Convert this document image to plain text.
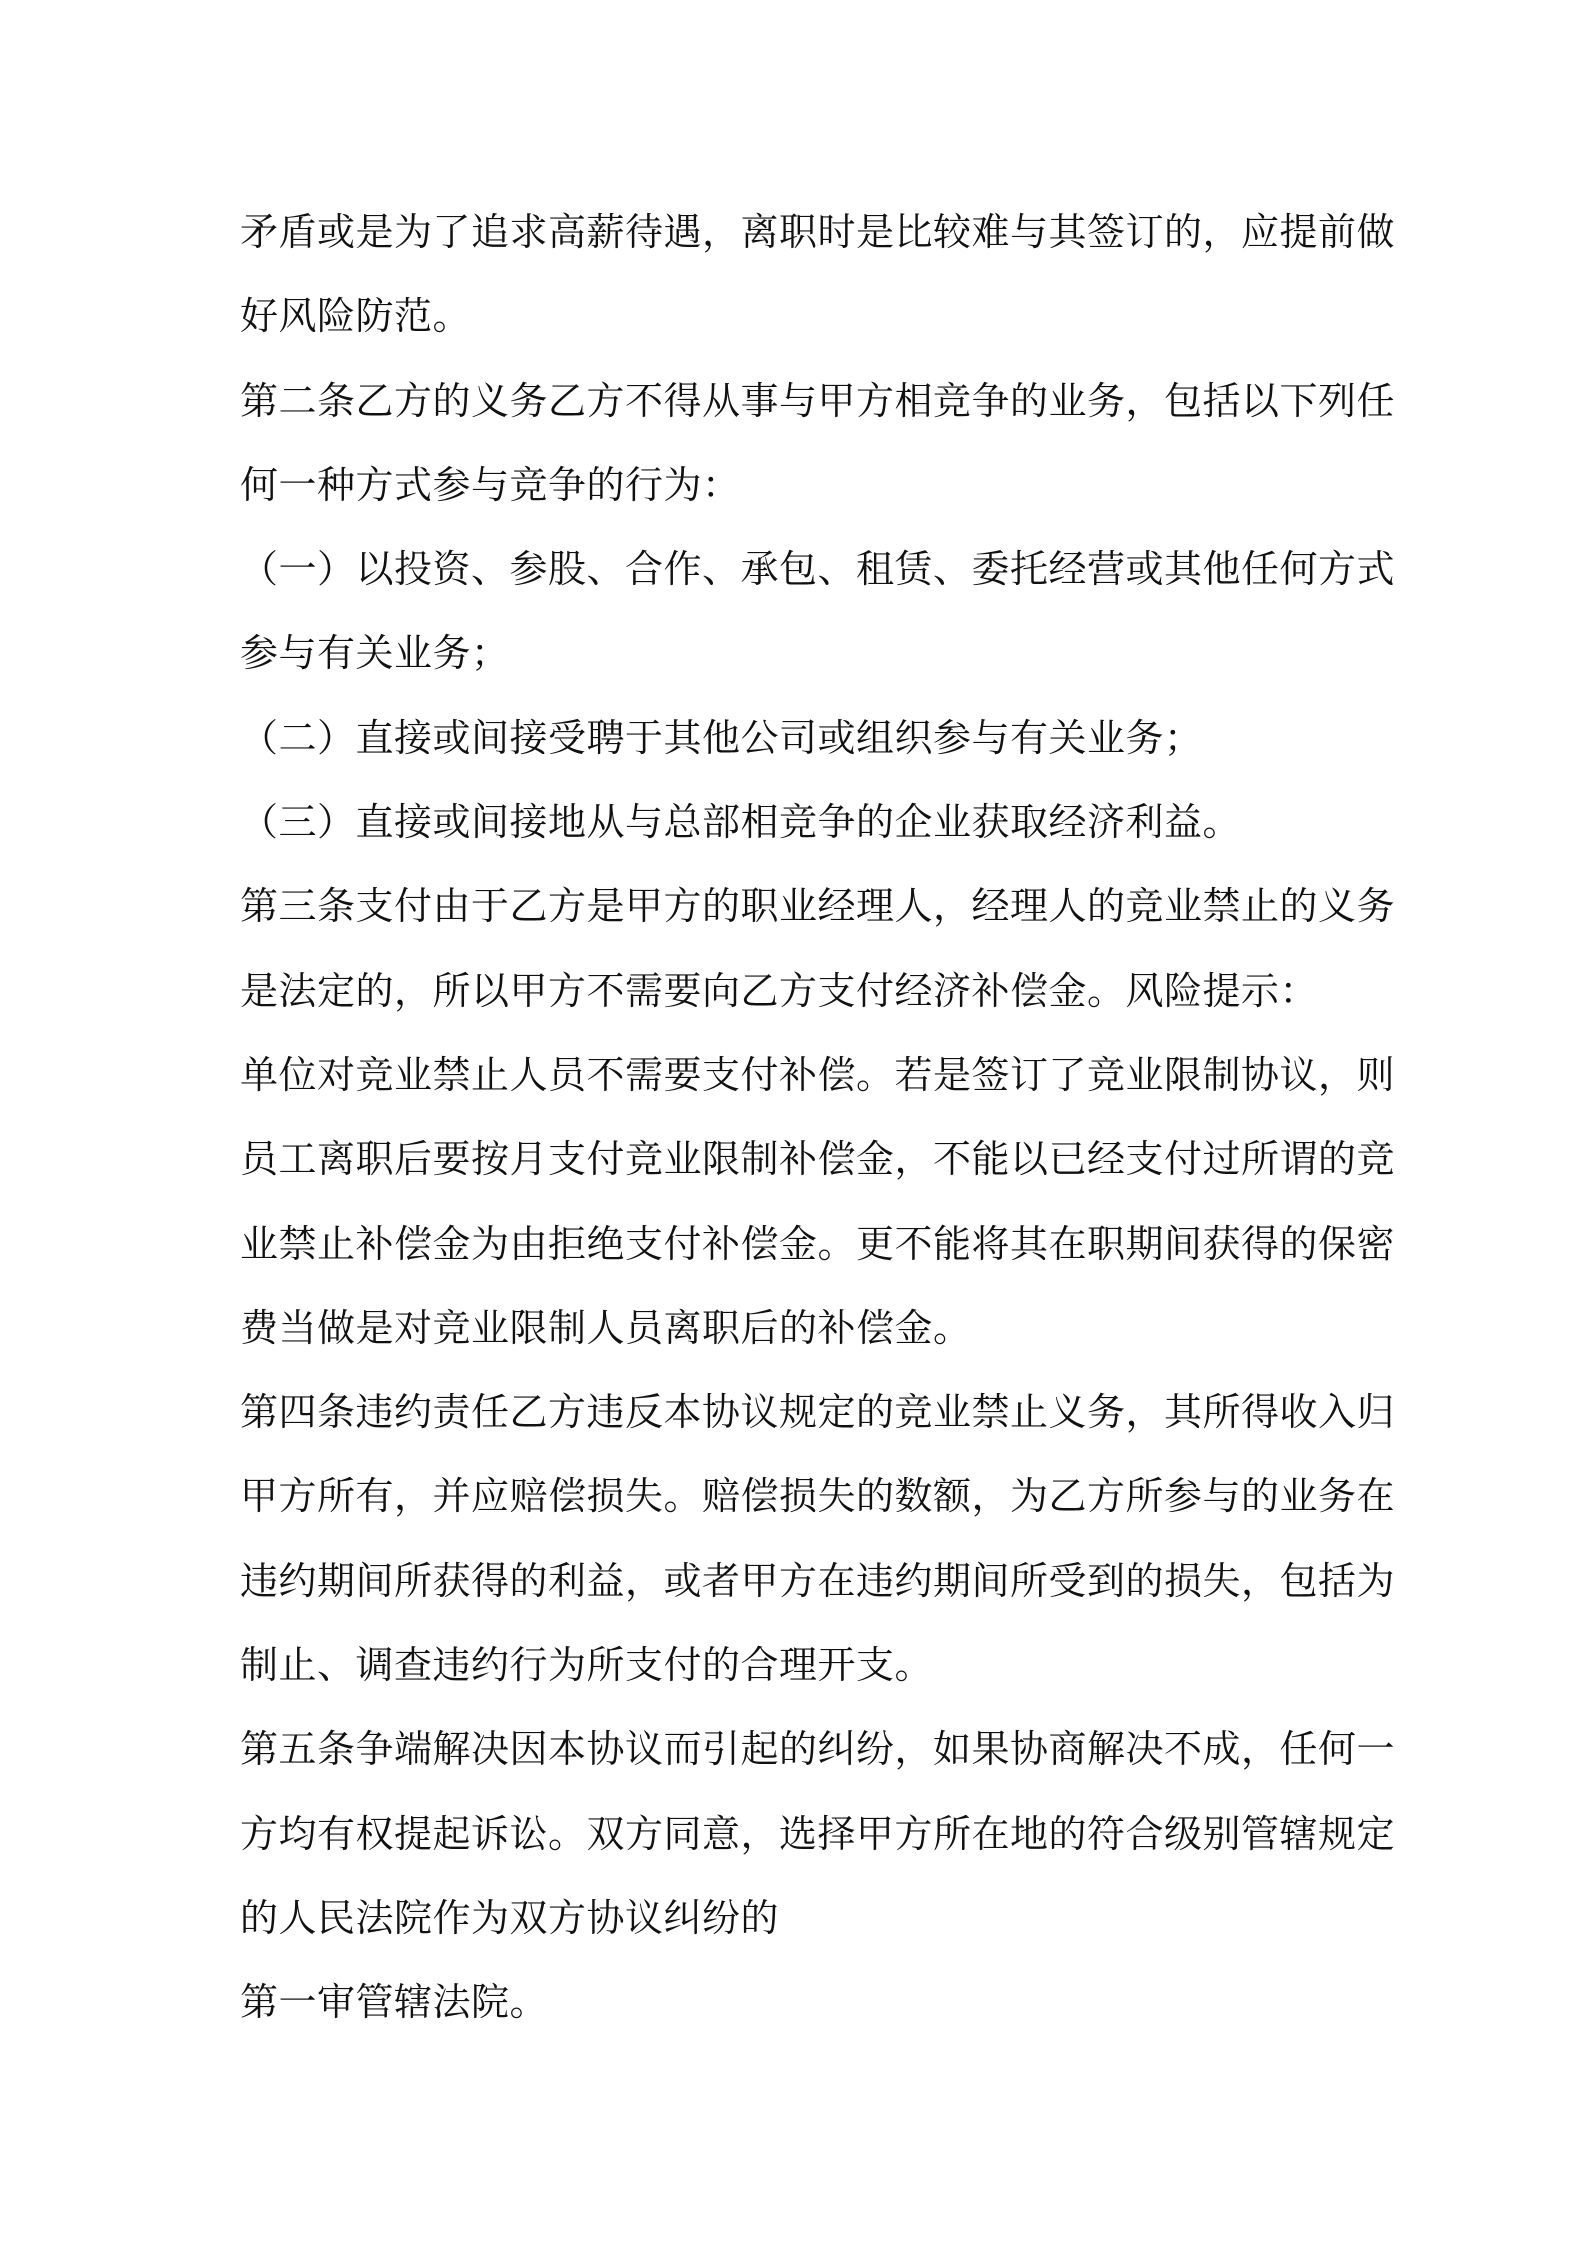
矛盾或是为了追求高薪待遇，离职时是比较难与其签订的，应提前做
好风险防范。
第二条乙方的义务乙方不得从事与甲方相竞争的业务，包括以下列任
何一种方式参与竞争的行为：
（一）以投资、参股、合作、承包、租赁、委托经营或其他任何方式
参与有关业务；
（二）直接或间接受聘于其他公司或组织参与有关业务；
（三）直接或间接地从与总部相竞争的企业获取经济利益。
第三条支付由于乙方是甲方的职业经理人，经理人的竞业禁止的义务
是法定的，所以甲方不需要向乙方支付经济补偿金。风险提示：
单位对竞业禁止人员不需要支付补偿。若是签订了竞业限制协议，则
员工离职后要按月支付竞业限制补偿金，不能以已经支付过所谓的竞
业禁止补偿金为由拒绝支付补偿金。更不能将其在职期间获得的保密
费当做是对竞业限制人员离职后的补偿金。
第四条违约责任乙方违反本协议规定的竞业禁止义务，其所得收入归
甲方所有，并应赔偿损失。赔偿损失的数额，为乙方所参与的业务在
违约期间所获得的利益，或者甲方在违约期间所受到的损失，包括为
制止、调查违约行为所支付的合理开支。
第五条争端解决因本协议而引起的纠纷，如果协商解决不成，任何一
方均有权提起诉讼。双方同意，选择甲方所在地的符合级别管辖规定
的人民法院作为双方协议纠纷的
第一审管辖法院。
